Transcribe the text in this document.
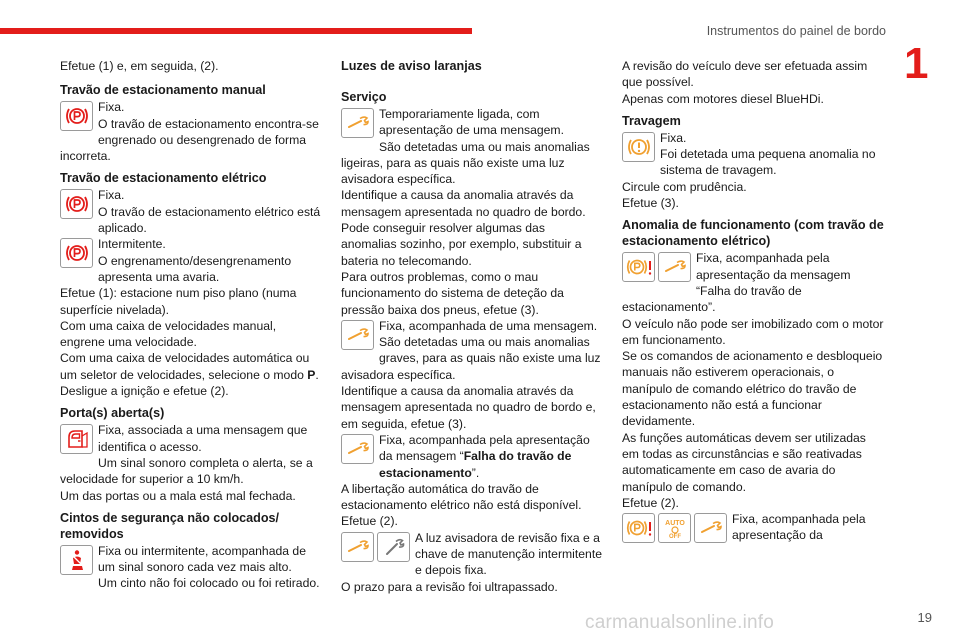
Instrumentos do painel de bordo
1

Efetue (1) e, em seguida, (2).

Travão de estacionamento manual

Fixa.

O travão de estacionamento encontra-se engrenado ou desengrenado de forma incorreta.

Travão de estacionamento elétrico

Fixa.

O travão de estacionamento elétrico está aplicado.

Intermitente.

O engrenamento/desengrenamento apresenta uma avaria.

Efetue (1): estacione num piso plano (numa superfície nivelada).

Com uma caixa de velocidades manual, engrene uma velocidade.

Com uma caixa de velocidades automática ou um seletor de velocidades, selecione o modo P.

Desligue a ignição e efetue (2).

Porta(s) aberta(s)

Fixa, associada a uma mensagem que identifica o acesso.

Um sinal sonoro completa o alerta, se a velocidade for superior a 10 km/h.

Um das portas ou a mala está mal fechada.

Cintos de segurança não colocados/ removidos

Fixa ou intermitente, acompanhada de um sinal sonoro cada vez mais alto.

Um cinto não foi colocado ou foi retirado.

Luzes de aviso laranjas
Serviço

Temporariamente ligada, com apresentação de uma mensagem.

São detetadas uma ou mais anomalias ligeiras, para as quais não existe uma luz avisadora específica.

Identifique a causa da anomalia através da mensagem apresentada no quadro de bordo.

Pode conseguir resolver algumas das anomalias sozinho, por exemplo, substituir a bateria no telecomando.

Para outros problemas, como o mau funcionamento do sistema de deteção da pressão baixa dos pneus, efetue (3).

Fixa, acompanhada de uma mensagem.

São detetadas uma ou mais anomalias graves, para as quais não existe uma luz avisadora específica.

Identifique a causa da anomalia através da mensagem apresentada no quadro de bordo e, em seguida, efetue (3).

Fixa, acompanhada pela apresentação da mensagem “Falha do travão de estacionamento”.

A libertação automática do travão de estacionamento elétrico não está disponível.

Efetue (2).

A luz avisadora de revisão fixa e a chave de manutenção intermitente e depois fixa.

O prazo para a revisão foi ultrapassado.

A revisão do veículo deve ser efetuada assim que possível.

Apenas com motores diesel BlueHDi.

Travagem

Fixa.

Foi detetada uma pequena anomalia no sistema de travagem.

Circule com prudência.

Efetue (3).

Anomalia de funcionamento (com travão de estacionamento elétrico)

Fixa, acompanhada pela apresentação da mensagem “Falha do travão de estacionamento”.

O veículo não pode ser imobilizado com o motor em funcionamento.

Se os comandos de acionamento e desbloqueio manuais não estiverem operacionais, o manípulo de comando elétrico do travão de estacionamento não está a funcionar devidamente.

As funções automáticas devem ser utilizadas em todas as circunstâncias e são reativadas automaticamente em caso de avaria do manípulo de comando.

Efetue (2).

AUTO
OFF

Fixa, acompanhada pela apresentação da

carmanualsonline.info	19
